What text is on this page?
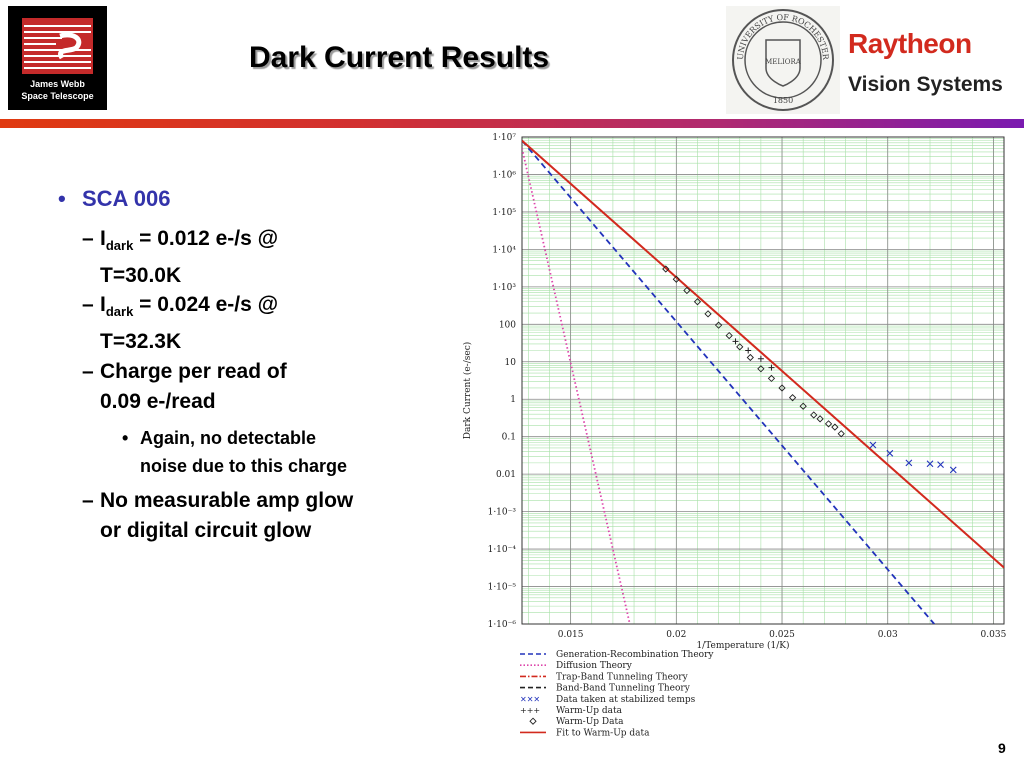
James Webb
Space Telescope
Dark Current Results	UNIVERSITY OF ROCHESTER
MELIORA
1850
Raytheon
Vision Systems
• SCA 006
– $I_{dark} = 0.012$ e-/s @
T=30.0K
– $I_{dark} = 0.024$ e-/s @
T=32.3K
– Charge per read of
0.09 e-/read
• Again, no detectable
noise due to this charge
– No measurable amp glow
or digital circuit glow
1·10⁷
1·10⁶
1·10⁵
1·10⁴
1·10³
100
10
1
0.1
0.01
1·10⁻³
1·10⁻⁴
1·10⁻⁵
1·10⁻⁶
0.015	0.02	0.025	0.03	0.035
1/Temperature (1/K)
Dark Current (e-/sec)
Generation-Recombination Theory
Diffusion Theory
Trap-Band Tunneling Theory
Band-Band Tunneling Theory
✕✕✕ Data taken at stabilized temps
+++ Warm-Up data
Warm-Up Data
Fit to Warm-Up data
9
